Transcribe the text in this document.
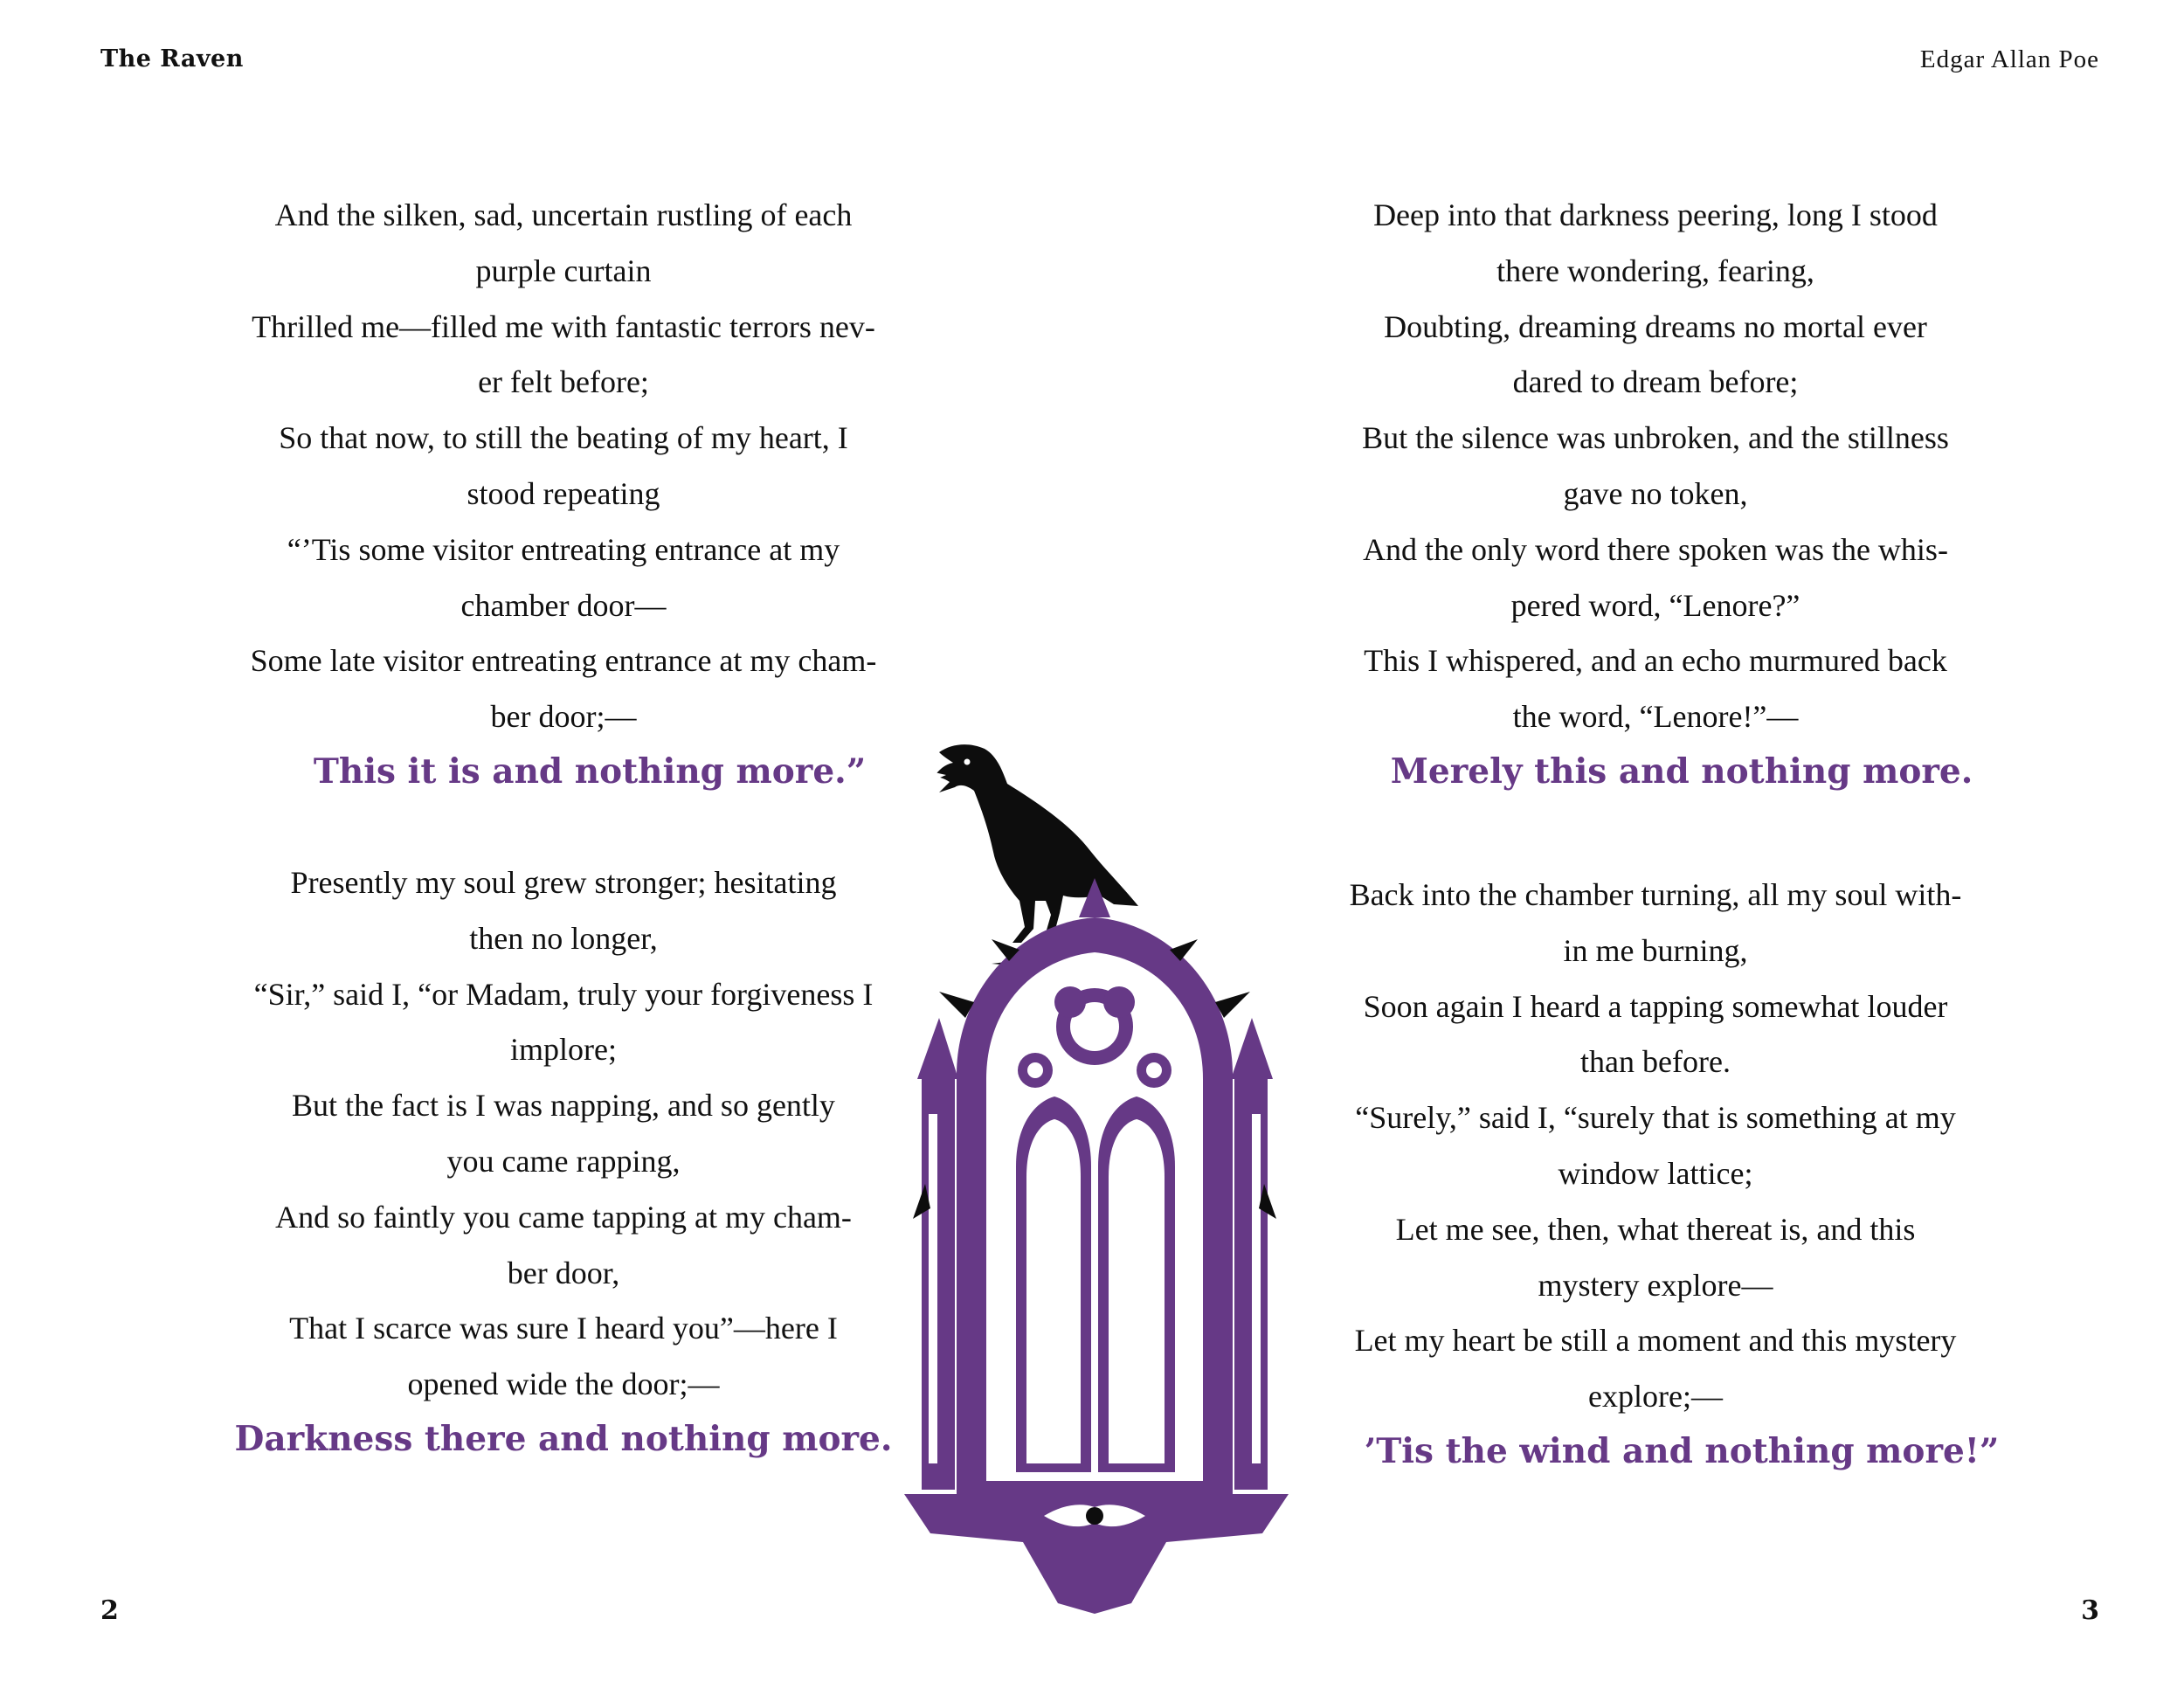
The Raven	Edgar Allan Poe
And the silken, sad, uncertain rustling of each
purple curtain
Thrilled me—filled me with fantastic terrors nev-
er felt before;
So that now, to still the beating of my heart, I
stood repeating
“’Tis some visitor entreating entrance at my
chamber door—
Some late visitor entreating entrance at my cham-
ber door;—
This it is and nothing more.”
Presently my soul grew stronger; hesitating
then no longer,
“Sir,” said I, “or Madam, truly your forgiveness I
implore;
But the fact is I was napping, and so gently
you came rapping,
And so faintly you came tapping at my cham-
ber door,
That I scarce was sure I heard you”—here I
opened wide the door;—
Darkness there and nothing more.
Deep into that darkness peering, long I stood
there wondering, fearing,
Doubting, dreaming dreams no mortal ever
dared to dream before;
But the silence was unbroken, and the stillness
gave no token,
And the only word there spoken was the whis-
pered word, “Lenore?”
This I whispered, and an echo murmured back
the word, “Lenore!”—
Merely this and nothing more.
Back into the chamber turning, all my soul with-
in me burning,
Soon again I heard a tapping somewhat louder
than before.
“Surely,” said I, “surely that is something at my
window lattice;
Let me see, then, what thereat is, and this
mystery explore—
Let my heart be still a moment and this mystery
explore;—
’Tis the wind and nothing more!”
2	3
